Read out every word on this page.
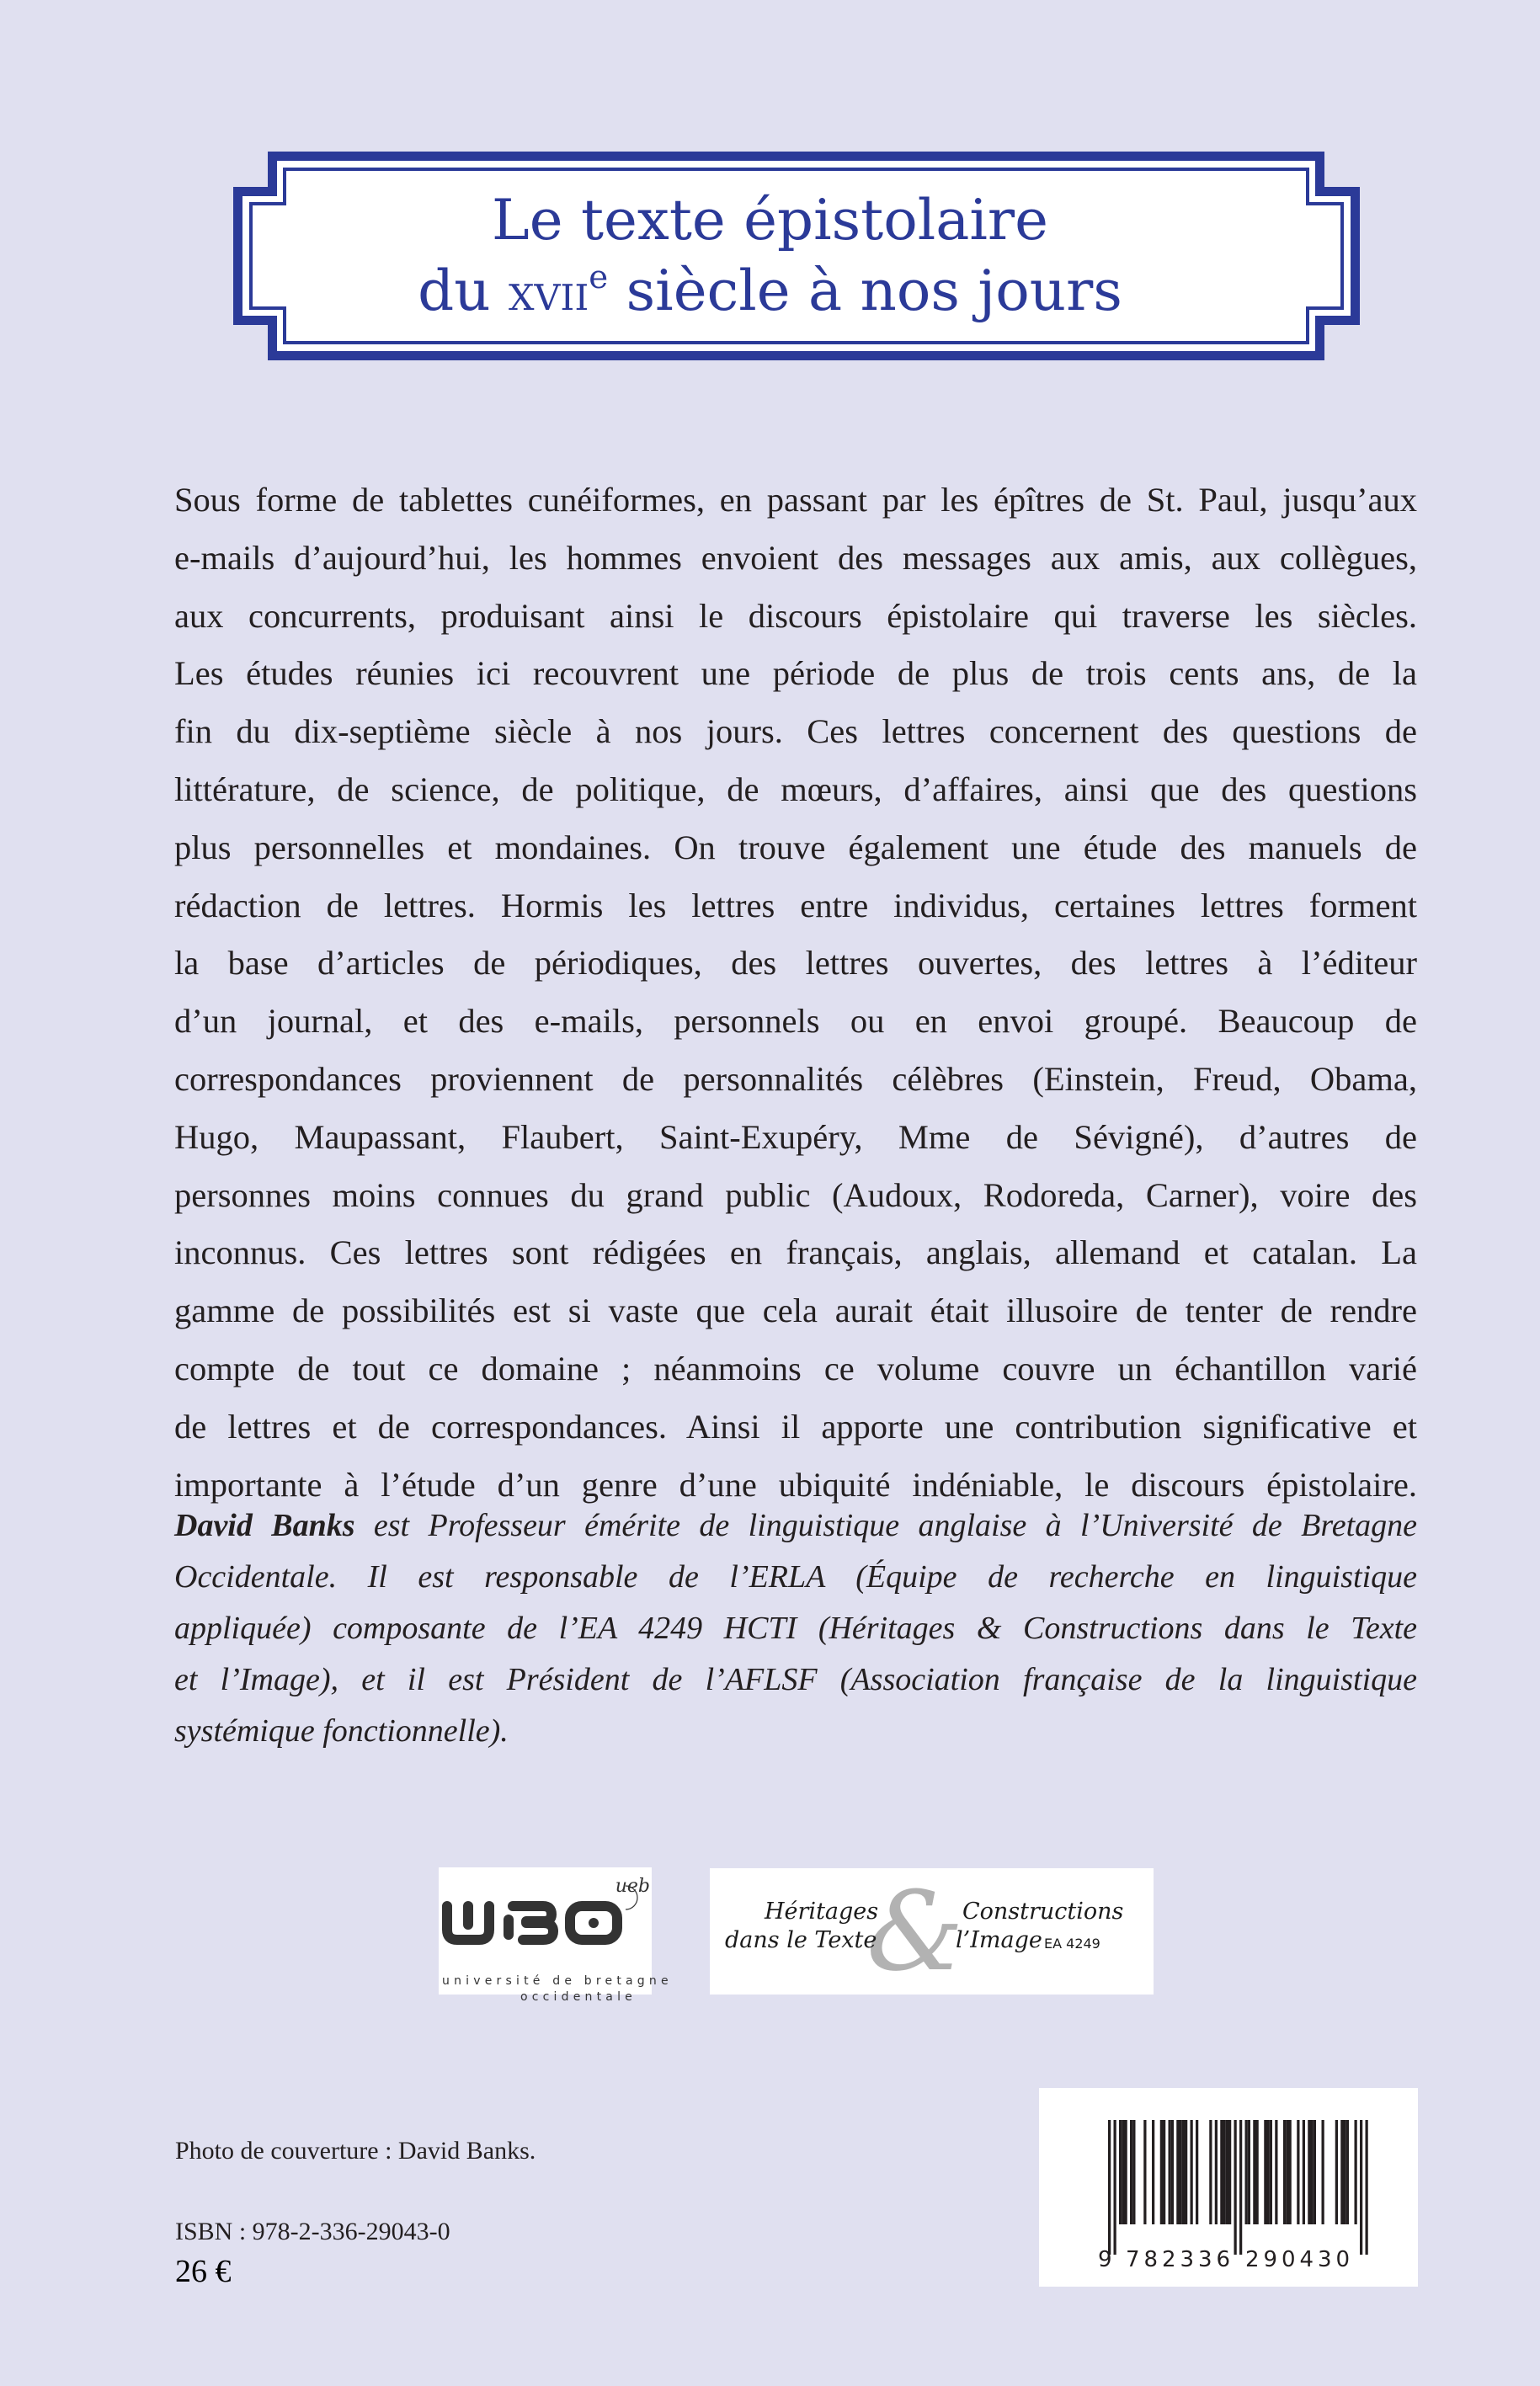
Le texte épistolaire
du xvii$^e$ siècle à nos jours
Sous forme de tablettes cunéiformes, en passant par les épîtres de St. Paul, jusqu’aux
e-mails d’aujourd’hui, les hommes envoient des messages aux amis, aux collègues,
aux concurrents, produisant ainsi le discours épistolaire qui traverse les siècles.
Les études réunies ici recouvrent une période de plus de trois cents ans, de la
fin du dix-septième siècle à nos jours. Ces lettres concernent des questions de
littérature, de science, de politique, de mœurs, d’affaires, ainsi que des questions
plus personnelles et mondaines. On trouve également une étude des manuels de
rédaction de lettres. Hormis les lettres entre individus, certaines lettres forment
la base d’articles de périodiques, des lettres ouvertes, des lettres à l’éditeur
d’un journal, et des e-mails, personnels ou en envoi groupé. Beaucoup de
correspondances proviennent de personnalités célèbres (Einstein, Freud, Obama,
Hugo, Maupassant, Flaubert, Saint-Exupéry, Mme de Sévigné), d’autres de
personnes moins connues du grand public (Audoux, Rodoreda, Carner), voire des
inconnus. Ces lettres sont rédigées en français, anglais, allemand et catalan. La
gamme de possibilités est si vaste que cela aurait était illusoire de tenter de rendre
compte de tout ce domaine ; néanmoins ce volume couvre un échantillon varié
de lettres et de correspondances. Ainsi il apporte une contribution significative et
importante à l’étude d’un genre d’une ubiquité indéniable, le discours épistolaire.
David Banks est Professeur émérite de linguistique anglaise à l’Université de Bretagne
Occidentale. Il est responsable de l’ERLA (Équipe de recherche en linguistique
appliquée) composante de l’EA 4249 HCTI (Héritages & Constructions dans le Texte
et l’Image), et il est Président de l’AFLSF (Association française de la linguistique
systémique fonctionnelle).
ueb
université de bretagne
occidentale
&
Héritages
dans le Texte
Constructions
l’Image EA 4249
Photo de couverture : David Banks.
ISBN : 978-2-336-29043-0
26 €	9 782336 290430
